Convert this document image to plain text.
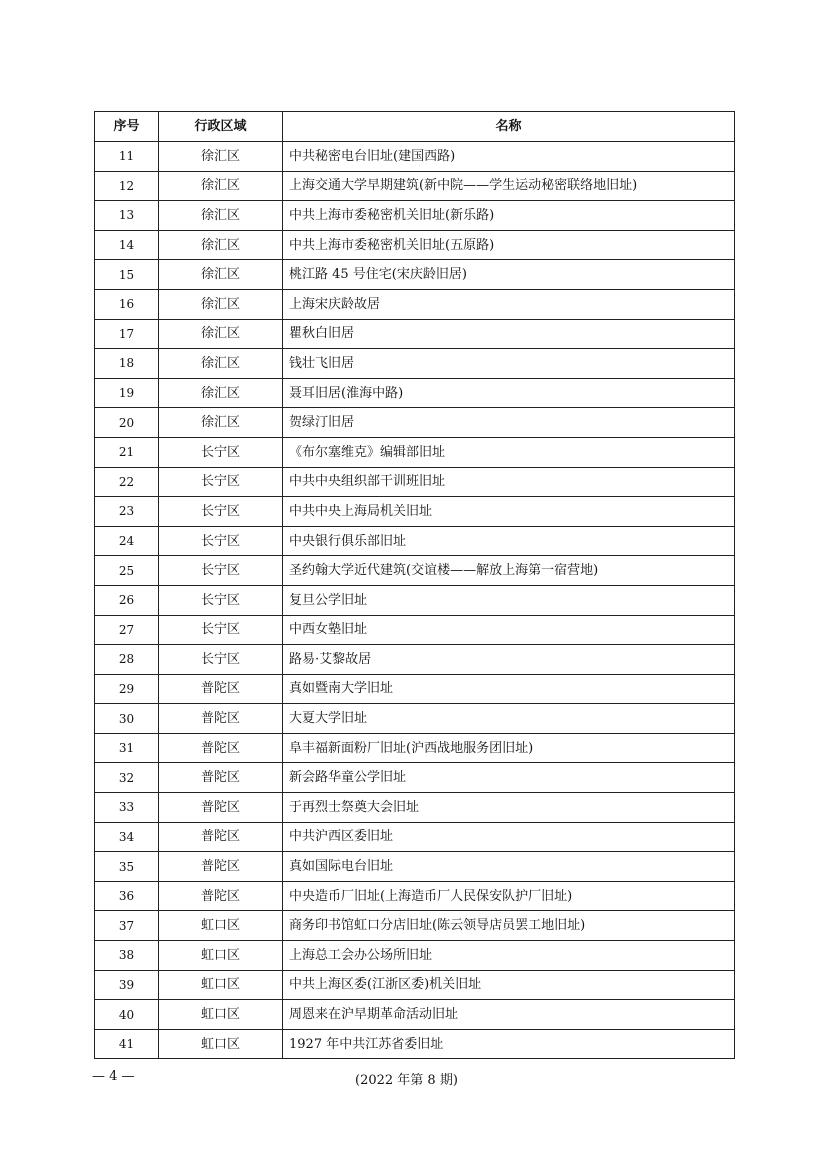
序号	行政区域	名称
11	徐汇区	中共秘密电台旧址(建国西路)
12	徐汇区	上海交通大学早期建筑(新中院——学生运动秘密联络地旧址)
13	徐汇区	中共上海市委秘密机关旧址(新乐路)
14	徐汇区	中共上海市委秘密机关旧址(五原路)
15	徐汇区	桃江路 45 号住宅(宋庆龄旧居)
16	徐汇区	上海宋庆龄故居
17	徐汇区	瞿秋白旧居
18	徐汇区	钱壮飞旧居
19	徐汇区	聂耳旧居(淮海中路)
20	徐汇区	贺绿汀旧居
21	长宁区	《布尔塞维克》编辑部旧址
22	长宁区	中共中央组织部干训班旧址
23	长宁区	中共中央上海局机关旧址
24	长宁区	中央银行俱乐部旧址
25	长宁区	圣约翰大学近代建筑(交谊楼——解放上海第一宿营地)
26	长宁区	复旦公学旧址
27	长宁区	中西女塾旧址
28	长宁区	路易·艾黎故居
29	普陀区	真如暨南大学旧址
30	普陀区	大夏大学旧址
31	普陀区	阜丰福新面粉厂旧址(沪西战地服务团旧址)
32	普陀区	新会路华童公学旧址
33	普陀区	于再烈士祭奠大会旧址
34	普陀区	中共沪西区委旧址
35	普陀区	真如国际电台旧址
36	普陀区	中央造币厂旧址(上海造币厂人民保安队护厂旧址)
37	虹口区	商务印书馆虹口分店旧址(陈云领导店员罢工地旧址)
38	虹口区	上海总工会办公场所旧址
39	虹口区	中共上海区委(江浙区委)机关旧址
40	虹口区	周恩来在沪早期革命活动旧址
41	虹口区	1927 年中共江苏省委旧址
— 4 —	(2022 年第 8 期)
